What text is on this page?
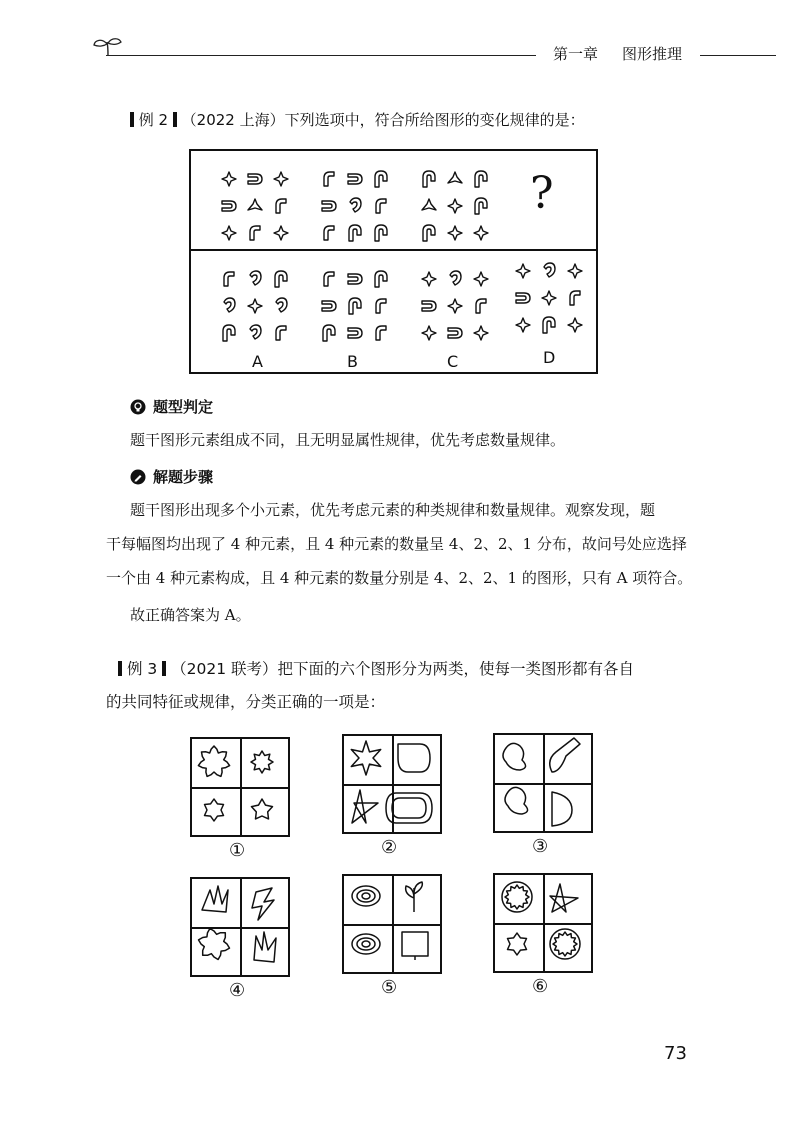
第一章 图形推理
例 2 （2022 上海）下列选项中，符合所给图形的变化规律的是：
?
A	B	C	D
题型判定
题干图形元素组成不同，且无明显属性规律，优先考虑数量规律。
解题步骤
题干图形出现多个小元素，优先考虑元素的种类规律和数量规律。观察发现，题
干每幅图均出现了 4 种元素，且 4 种元素的数量呈 4、2、2、1 分布，故问号处应选择
一个由 4 种元素构成，且 4 种元素的数量分别是 4、2、2、1 的图形，只有 A 项符合。
故正确答案为 A。
例 3 （2021 联考）把下面的六个图形分为两类，使每一类图形都有各自
的共同特征或规律，分类正确的一项是：
①	②	③
④	⑤	⑥
73
